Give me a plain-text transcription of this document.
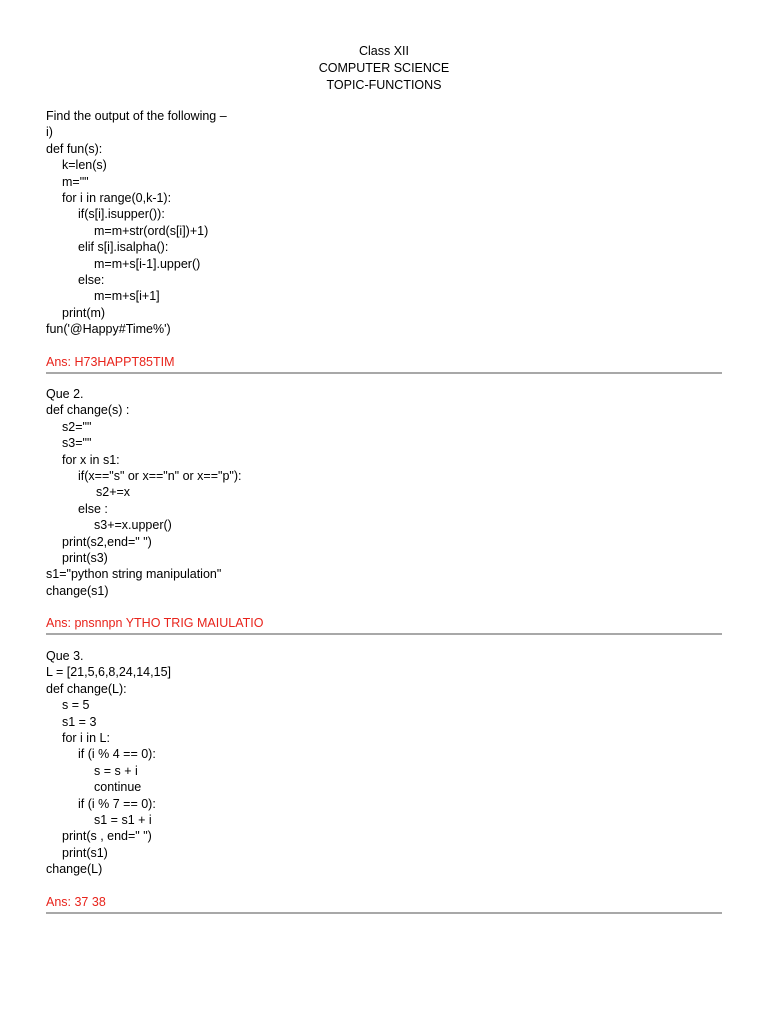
Class XII
COMPUTER SCIENCE
TOPIC-FUNCTIONS
Find the output of the following –
i)
def fun(s):
k=len(s)
m=""
for i in range(0,k-1):
if(s[i].isupper()):
m=m+str(ord(s[i])+1)
elif s[i].isalpha():
m=m+s[i-1].upper()
else:
m=m+s[i+1]
print(m)
fun('@Happy#Time%')
Ans: H73HAPPT85TIM
Que 2.
def change(s) :
s2=""
s3=""
for x in s1:
if(x=="s" or x=="n" or x=="p"):
s2+=x
else :
s3+=x.upper()
print(s2,end=" ")
print(s3)
s1="python string manipulation"
change(s1)
Ans: pnsnnpn YTHO TRIG MAIULATIO
Que 3.
L = [21,5,6,8,24,14,15]
def change(L):
s = 5
s1 = 3
for i in L:
if (i % 4 == 0):
s = s + i
continue
if (i % 7 == 0):
s1 = s1 + i
print(s , end=" ")
print(s1)
change(L)
Ans: 37 38
